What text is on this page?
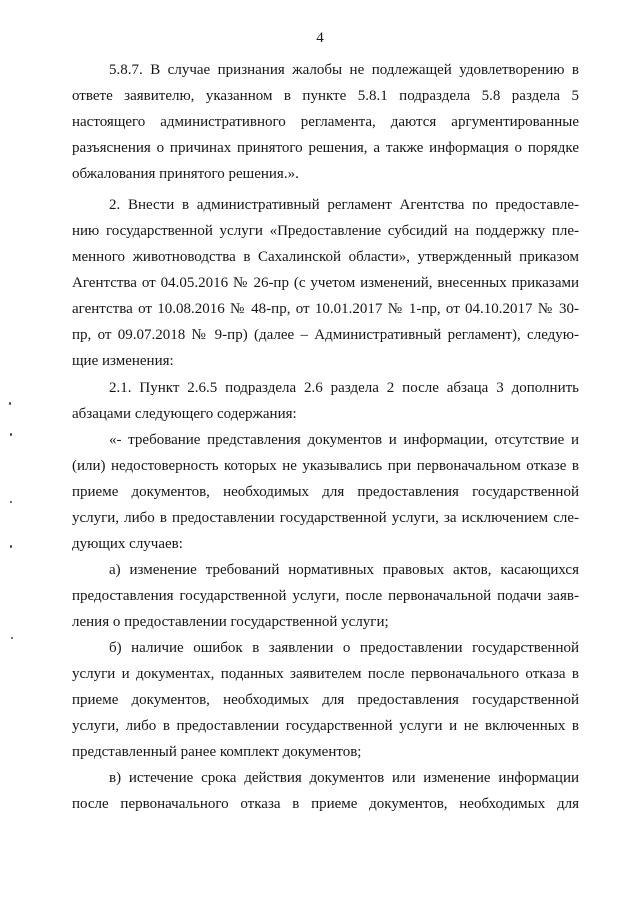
4
5.8.7. В случае признания жалобы не подлежащей удовлетворению в
ответе заявителю, указанном в пункте 5.8.1 подраздела 5.8 раздела 5
настоящего административного регламента, даются аргументированные
разъяснения о причинах принятого решения, а также информация о порядке
обжалования принятого решения.».
2. Внести в административный регламент Агентства по предоставле-
нию государственной услуги «Предоставление субсидий на поддержку пле-
менного животноводства в Сахалинской области», утвержденный приказом
Агентства от 04.05.2016 № 26-пр (с учетом изменений, внесенных приказами
агентства от 10.08.2016 № 48-пр, от 10.01.2017 № 1-пр, от 04.10.2017 № 30-
пр, от 09.07.2018 № 9-пр) (далее – Административный регламент), следую-
щие изменения:
2.1. Пункт 2.6.5 подраздела 2.6 раздела 2 после абзаца 3 дополнить
абзацами следующего содержания:
«- требование представления документов и информации, отсутствие и
(или) недостоверность которых не указывались при первоначальном отказе в
приеме документов, необходимых для предоставления государственной
услуги, либо в предоставлении государственной услуги, за исключением сле-
дующих случаев:
а) изменение требований нормативных правовых актов, касающихся
предоставления государственной услуги, после первоначальной подачи заяв-
ления о предоставлении государственной услуги;
б) наличие ошибок в заявлении о предоставлении государственной
услуги и документах, поданных заявителем после первоначального отказа в
приеме документов, необходимых для предоставления государственной
услуги, либо в предоставлении государственной услуги и не включенных в
представленный ранее комплект документов;
в) истечение срока действия документов или изменение информации
после первоначального отказа в приеме документов, необходимых для
